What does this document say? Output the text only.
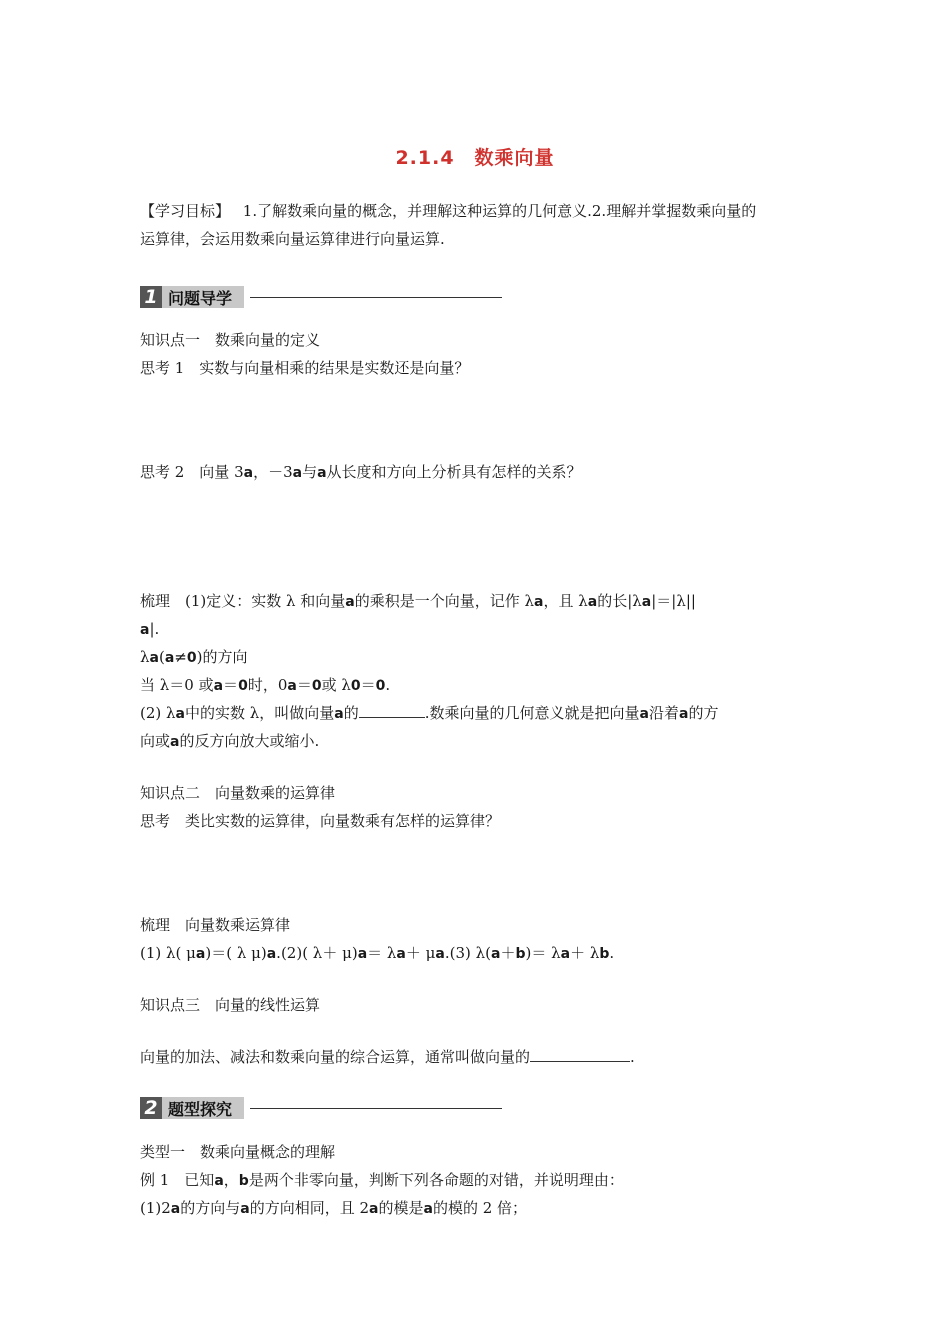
2.1.4　数乘向量
【学习目标】 1.了解数乘向量的概念，并理解这种运算的几何意义.2.理解并掌握数乘向量的
运算律，会运用数乘向量运算律进行向量运算.
1 问题导学
知识点一　数乘向量的定义
思考 1　实数与向量相乘的结果是实数还是向量？
思考 2　向量 3a，－3a与a从长度和方向上分析具有怎样的关系？
梳理　(1)定义：实数 λ 和向量a的乘积是一个向量，记作 λa，且 λa的长|λa|＝|λ||
a|.
λa(a≠0)的方向
当 λ＝0 或a＝0时，0a＝0或 λ0＝0.
(2) λa中的实数 λ，叫做向量a的	.数乘向量的几何意义就是把向量a沿着a的方
向或a的反方向放大或缩小.
知识点二　向量数乘的运算律
思考　类比实数的运算律，向量数乘有怎样的运算律？
梳理　向量数乘运算律
(1) λ( μa)＝( λ μ)a.(2)( λ＋ μ)a＝ λa＋ μa.(3) λ(a＋b)＝ λa＋ λb.
知识点三　向量的线性运算
向量的加法、减法和数乘向量的综合运算，通常叫做向量的	.
2 题型探究
类型一　数乘向量概念的理解
例 1　已知a，b是两个非零向量，判断下列各命题的对错，并说明理由：
(1)2a的方向与a的方向相同，且 2a的模是a的模的 2 倍；
